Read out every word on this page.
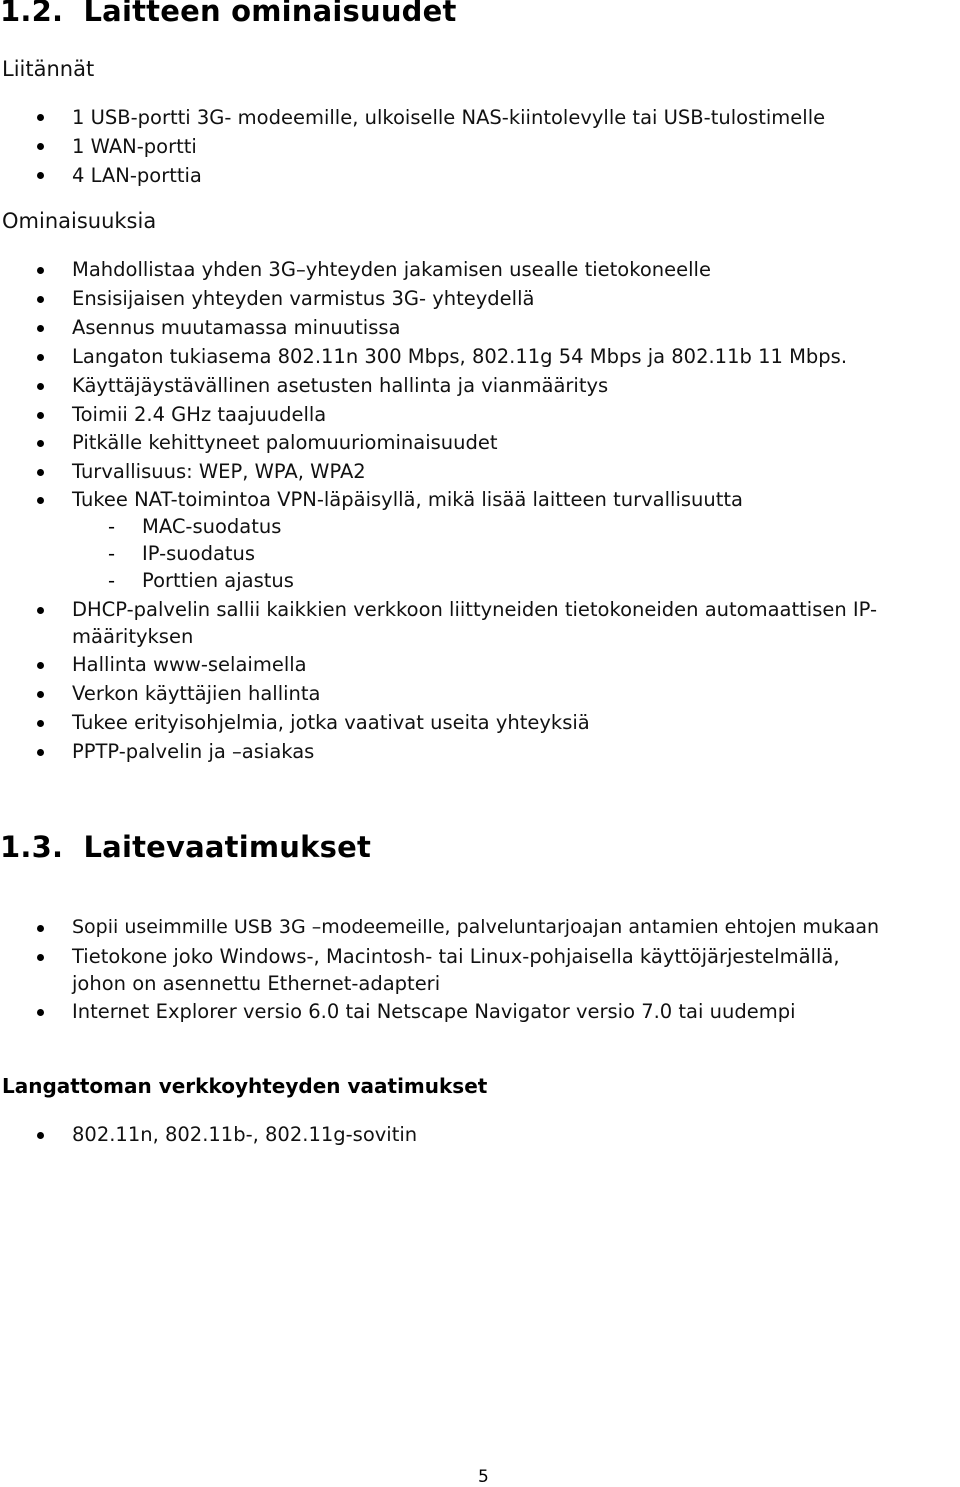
1.2. Laitteen ominaisuudet
Liitännät
1 USB-portti 3G- modeemille, ulkoiselle NAS-kiintolevylle tai USB-tulostimelle
1 WAN-portti
4 LAN-porttia
Ominaisuuksia
Mahdollistaa yhden 3G–yhteyden jakamisen usealle tietokoneelle
Ensisijaisen yhteyden varmistus 3G- yhteydellä
Asennus muutamassa minuutissa
Langaton tukiasema 802.11n 300 Mbps, 802.11g 54 Mbps ja 802.11b 11 Mbps.
Käyttäjäystävällinen asetusten hallinta ja vianmääritys
Toimii 2.4 GHz taajuudella
Pitkälle kehittyneet palomuuriominaisuudet
Turvallisuus: WEP, WPA, WPA2
Tukee NAT-toimintoa VPN-läpäisyllä, mikä lisää laitteen turvallisuutta
- MAC-suodatus
- IP-suodatus
- Porttien ajastus
DHCP-palvelin sallii kaikkien verkkoon liittyneiden tietokoneiden automaattisen IP-
määrityksen
Hallinta www-selaimella
Verkon käyttäjien hallinta
Tukee erityisohjelmia, jotka vaativat useita yhteyksiä
PPTP-palvelin ja –asiakas
1.3. Laitevaatimukset
Sopii useimmille USB 3G –modeemeille, palveluntarjoajan antamien ehtojen mukaan
Tietokone joko Windows-, Macintosh- tai Linux-pohjaisella käyttöjärjestelmällä,
johon on asennettu Ethernet-adapteri
Internet Explorer versio 6.0 tai Netscape Navigator versio 7.0 tai uudempi
Langattoman verkkoyhteyden vaatimukset
802.11n, 802.11b-, 802.11g-sovitin
5
